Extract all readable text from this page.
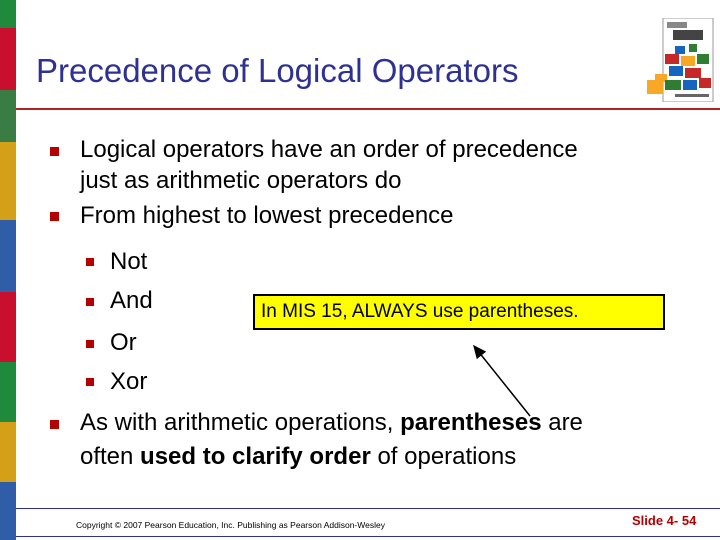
Precedence of Logical Operators
Logical operators have an order of precedence
just as arithmetic operators do
From highest to lowest precedence
Not
And
Or
Xor
As with arithmetic operations, parentheses are
often used to clarify order of operations
In MIS 15, ALWAYS use parentheses.
Copyright © 2007 Pearson Education, Inc. Publishing as Pearson Addison-Wesley	Slide 4- 54
